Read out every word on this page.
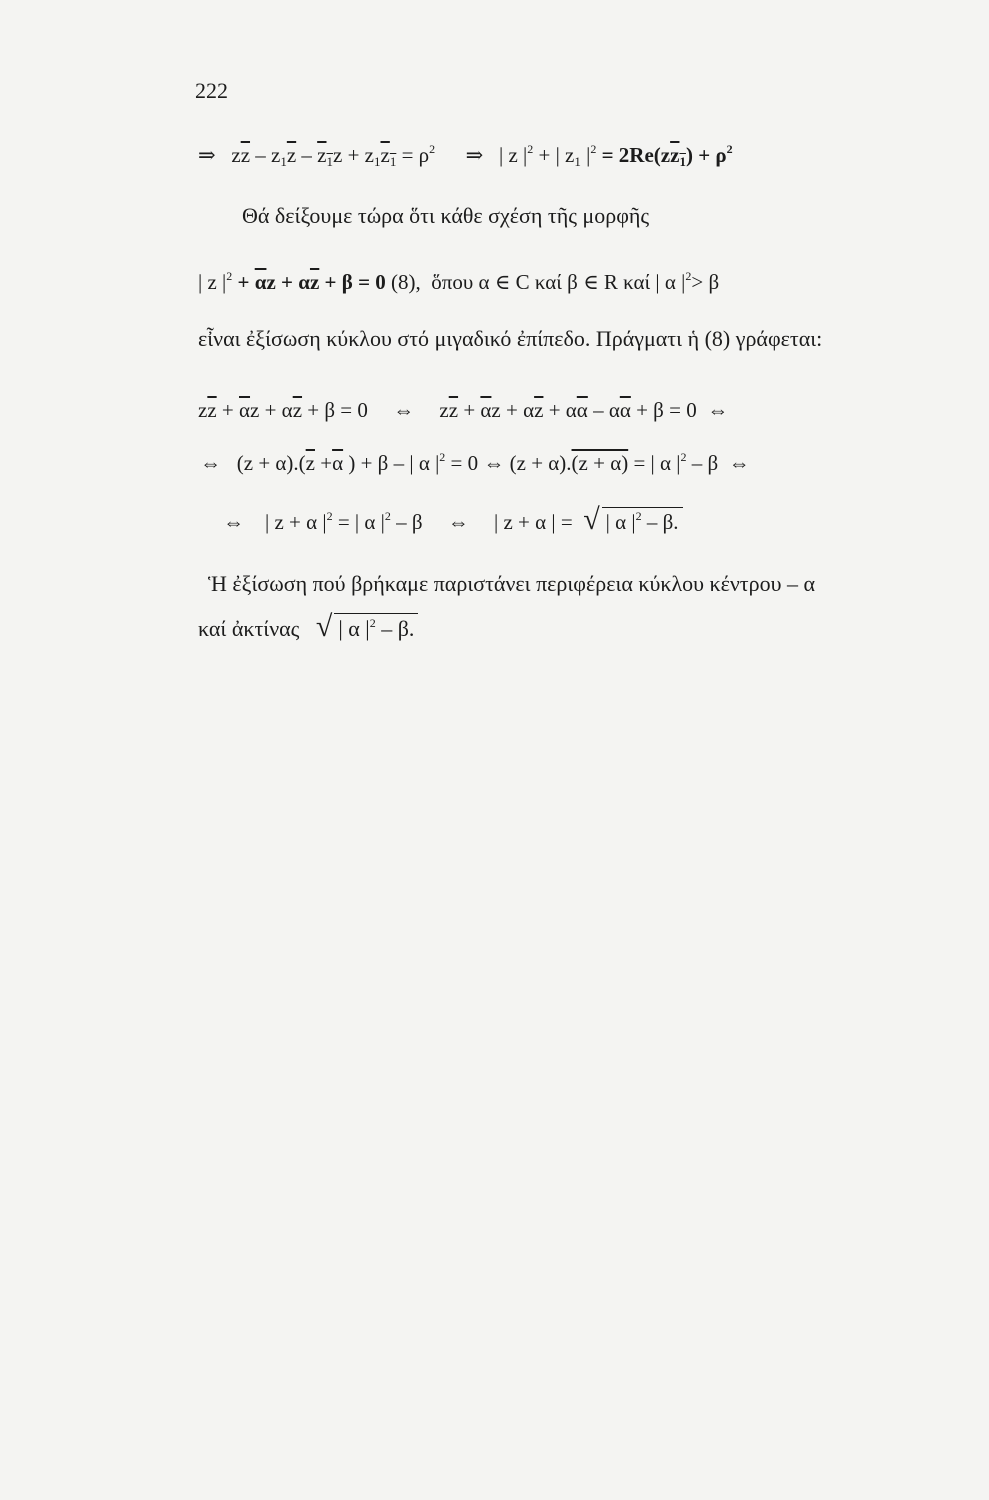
222
⇒ $z\overline{z} - z_1\overline{z} - \overline{z}_1z + z_1\overline{z}_1 = \rho^2$ ⇒ | z $|^2$ + | $z_1$ $|^2 = 2Re(z\overline{z}_1) + \rho^2$
Θά δείξουμε τώρα ὅτι κάθε σχέση τῆς μορφῆς
| z $|^2 + \overline{\alpha}z + \alpha\overline{z} + \beta = 0$ (8), ὅπου α ∈ C καί β ∈ R καί | α $|^2> \beta$
εἶναι ἐξίσωση κύκλου στό μιγαδικό ἐπίπεδο. Πράγματι ἡ (8) γράφεται:
$z\overline{z} + \overline{\alpha}z + \alpha\overline{z} + \beta = 0$ ⇔ $z\overline{z} + \overline{\alpha}z + \alpha\overline{z} + \alpha\overline{\alpha} - \alpha\overline{\alpha} + \beta = 0$ ⇔
⇔ $(z + \alpha).(\overline{z} +\overline{\alpha}$ ) + β – | α $|^2 = 0$ ⇔ (z + α).(z + α) = | α $|^2$ – β ⇔
⇔ | z + α $|^2$ = | α $|^2$ – β ⇔ | z + α | = √ | α $|^2$ – β.
Ἡ ἐξίσωση πού βρήκαμε παριστάνει περιφέρεια κύκλου κέντρου – α
καί ἀκτίνας √ | α $|^2$ – β.
